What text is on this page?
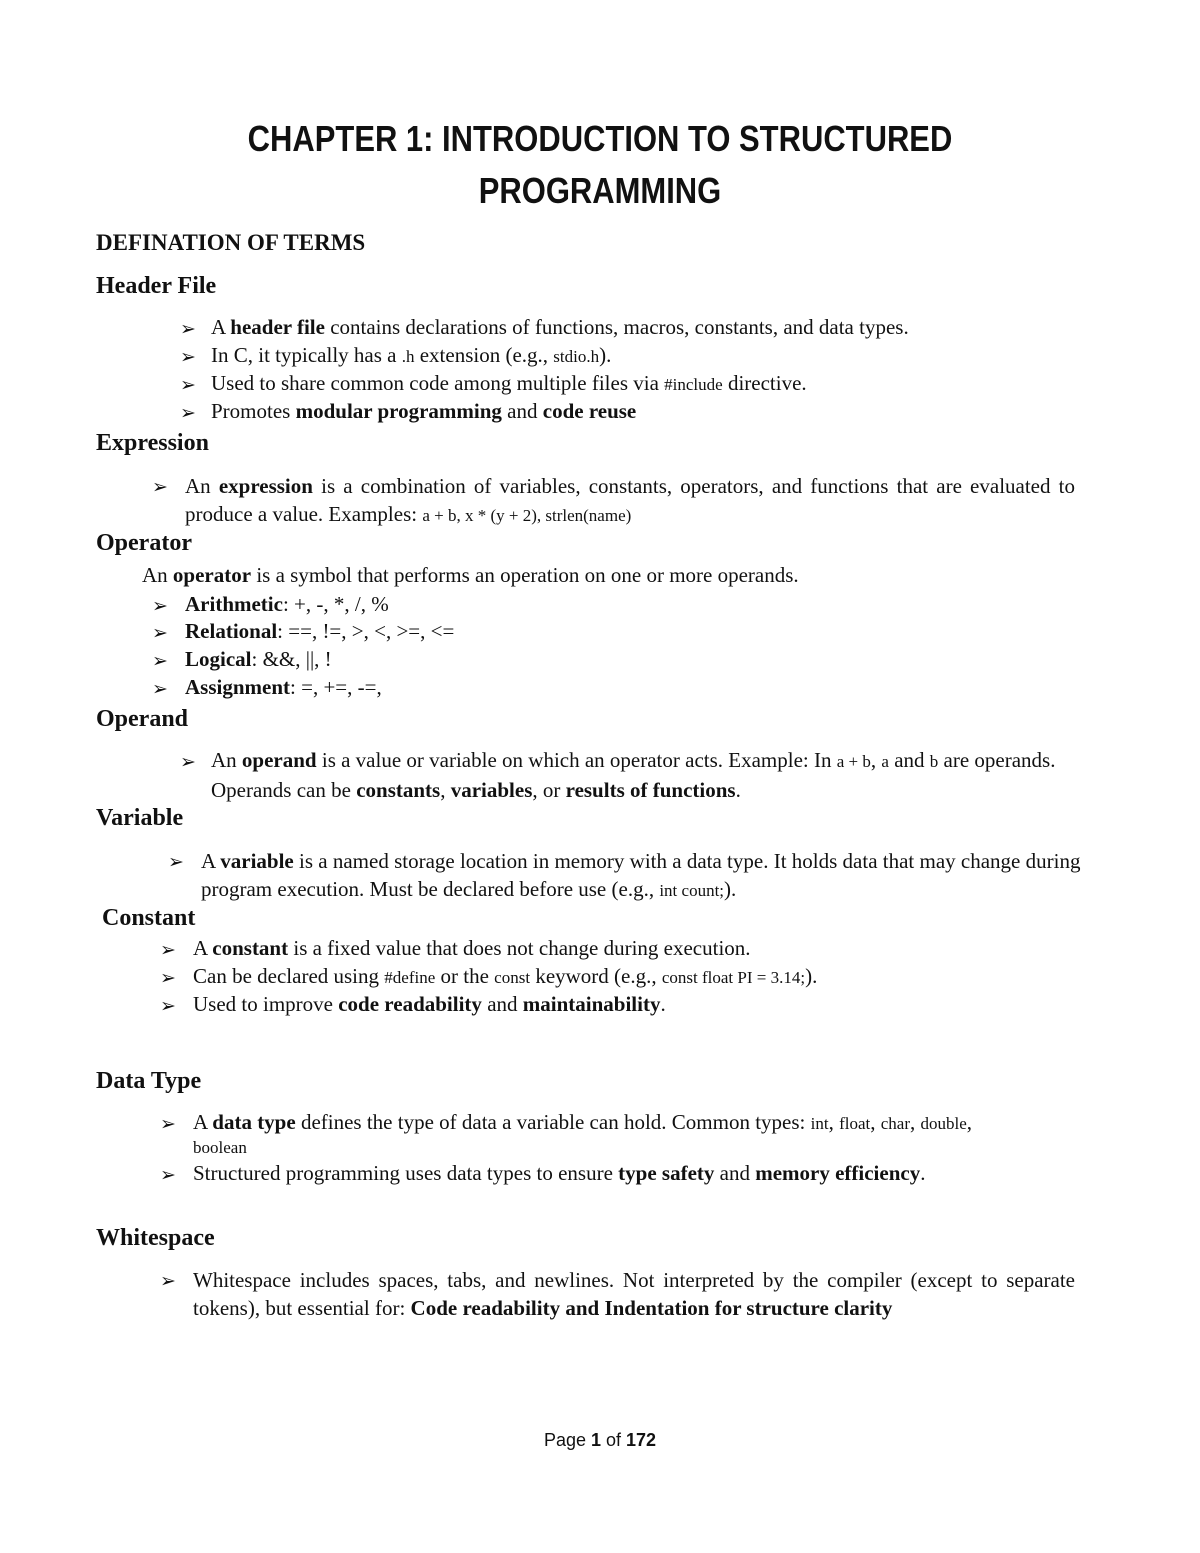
CHAPTER 1: INTRODUCTION TO STRUCTURED
PROGRAMMING
DEFINATION OF TERMS
Header File
➢ A header file contains declarations of functions, macros, constants, and data types.
➢ In C, it typically has a .h extension (e.g., stdio.h).
➢ Used to share common code among multiple files via #include directive.
➢ Promotes modular programming and code reuse
Expression
➢ An expression is a combination of variables, constants, operators, and functions that are evaluated to produce a value. Examples: a + b, x * (y + 2), strlen(name)
Operator
An operator is a symbol that performs an operation on one or more operands.
➢ Arithmetic: +, -, *, /, %
➢ Relational: ==, !=, >, <, >=, <=
➢ Logical: &&, ||, !
➢ Assignment: =, +=, -=,
Operand
➢ An operand is a value or variable on which an operator acts. Example: In a + b, a and b are operands. Operands can be constants, variables, or results of functions.
Variable
➢ A variable is a named storage location in memory with a data type. It holds data that may change during program execution. Must be declared before use (e.g., int count;).
Constant
➢ A constant is a fixed value that does not change during execution.
➢ Can be declared using #define or the const keyword (e.g., const float PI = 3.14;).
➢ Used to improve code readability and maintainability.
Data Type
➢ A data type defines the type of data a variable can hold. Common types: int, float, char, double,
boolean
➢ Structured programming uses data types to ensure type safety and memory efficiency.
Whitespace
➢ Whitespace includes spaces, tabs, and newlines. Not interpreted by the compiler (except to separate tokens), but essential for: Code readability and Indentation for structure clarity
Page 1 of 172
